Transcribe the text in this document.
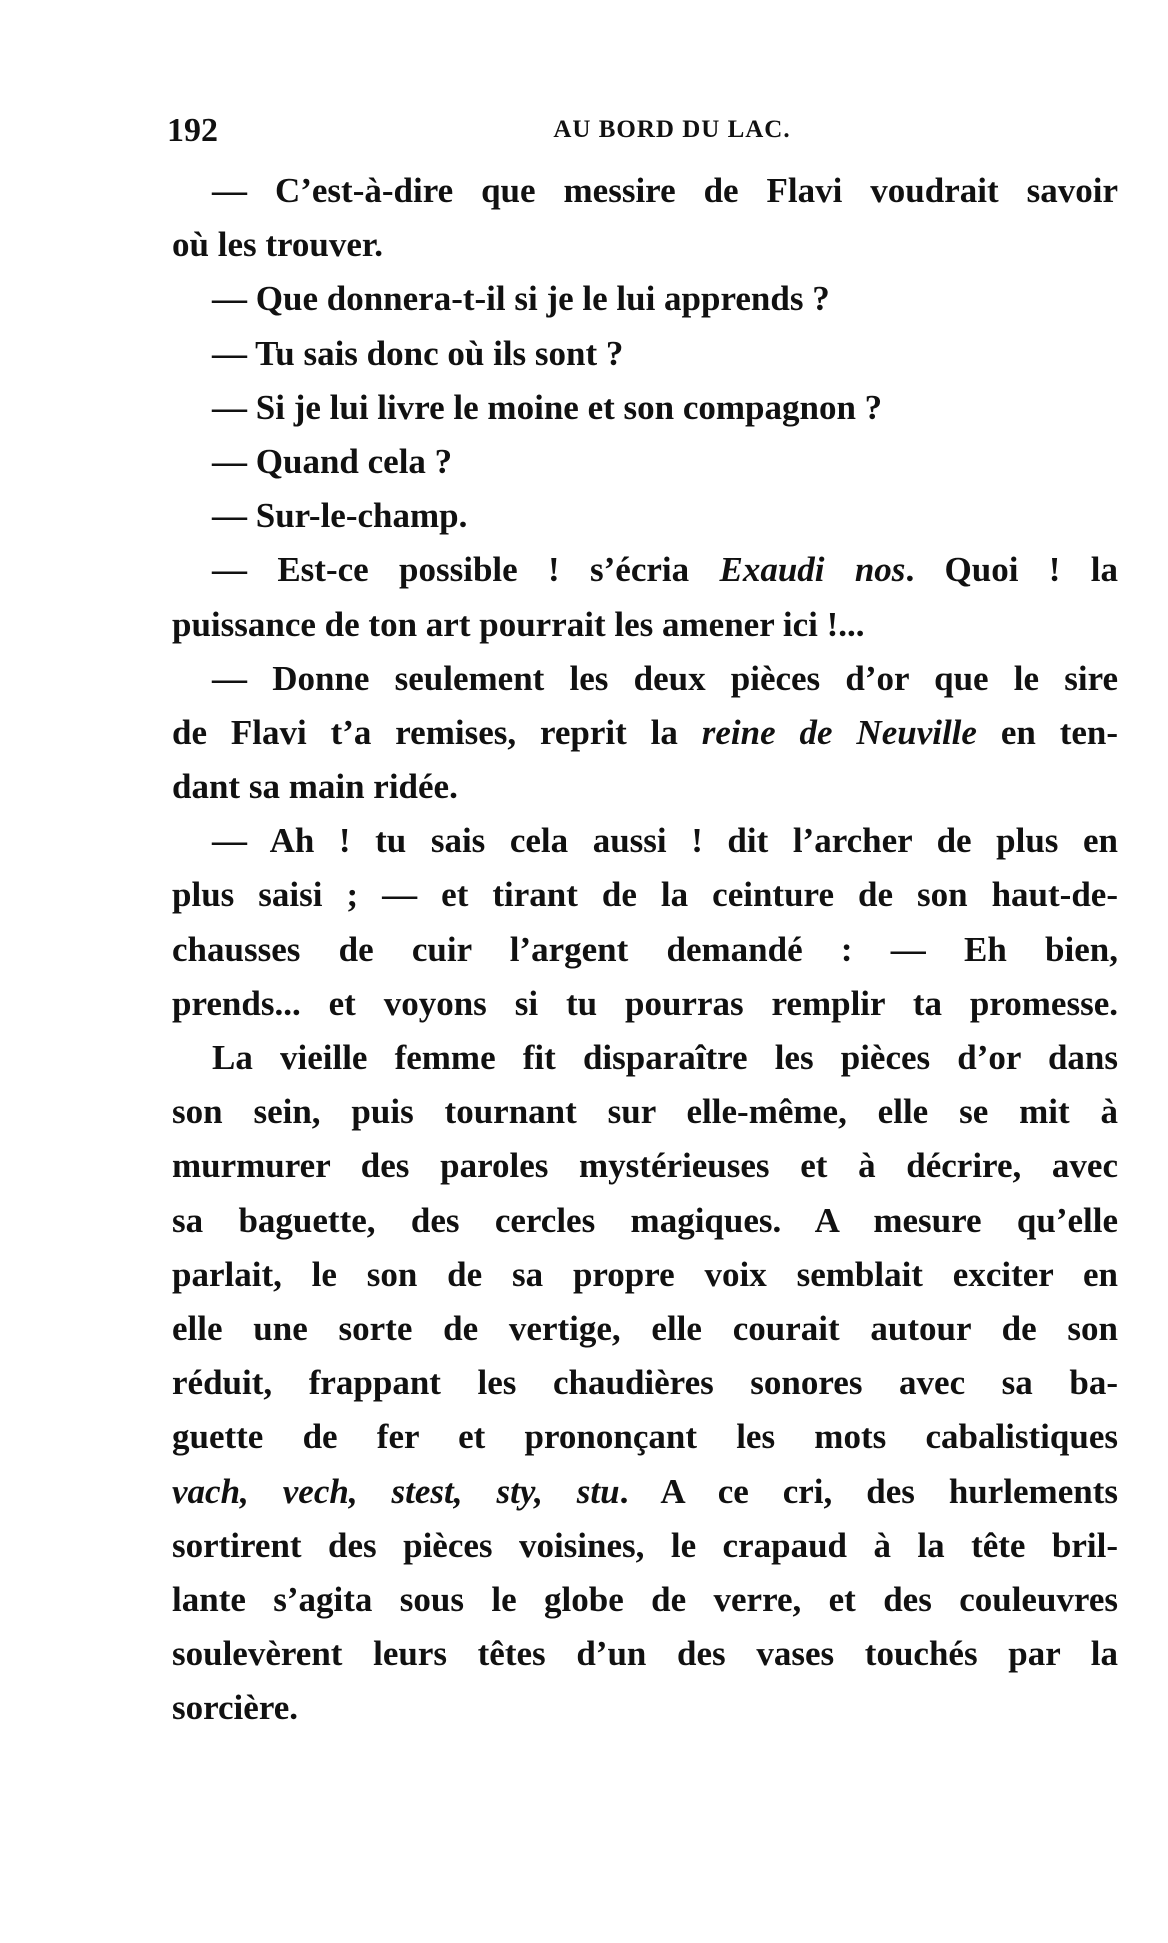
192	AU BORD DU LAC.
— C’est-à-dire que messire de Flavi voudrait savoir
où les trouver.
— Que donnera-t-il si je le lui apprends ?
— Tu sais donc où ils sont ?
— Si je lui livre le moine et son compagnon ?
— Quand cela ?
— Sur-le-champ.
— Est-ce possible ! s’écria Exaudi nos. Quoi ! la
puissance de ton art pourrait les amener ici !...
— Donne seulement les deux pièces d’or que le sire
de Flavi t’a remises, reprit la reine de Neuville en ten-
dant sa main ridée.
— Ah ! tu sais cela aussi ! dit l’archer de plus en
plus saisi ; — et tirant de la ceinture de son haut-de-
chausses de cuir l’argent demandé : — Eh bien,
prends... et voyons si tu pourras remplir ta promesse.
La vieille femme fit disparaître les pièces d’or dans
son sein, puis tournant sur elle-même, elle se mit à
murmurer des paroles mystérieuses et à décrire, avec
sa baguette, des cercles magiques. A mesure qu’elle
parlait, le son de sa propre voix semblait exciter en
elle une sorte de vertige, elle courait autour de son
réduit, frappant les chaudières sonores avec sa ba-
guette de fer et prononçant les mots cabalistiques
vach, vech, stest, sty, stu. A ce cri, des hurlements
sortirent des pièces voisines, le crapaud à la tête bril-
lante s’agita sous le globe de verre, et des couleuvres
soulevèrent leurs têtes d’un des vases touchés par la
sorcière.
